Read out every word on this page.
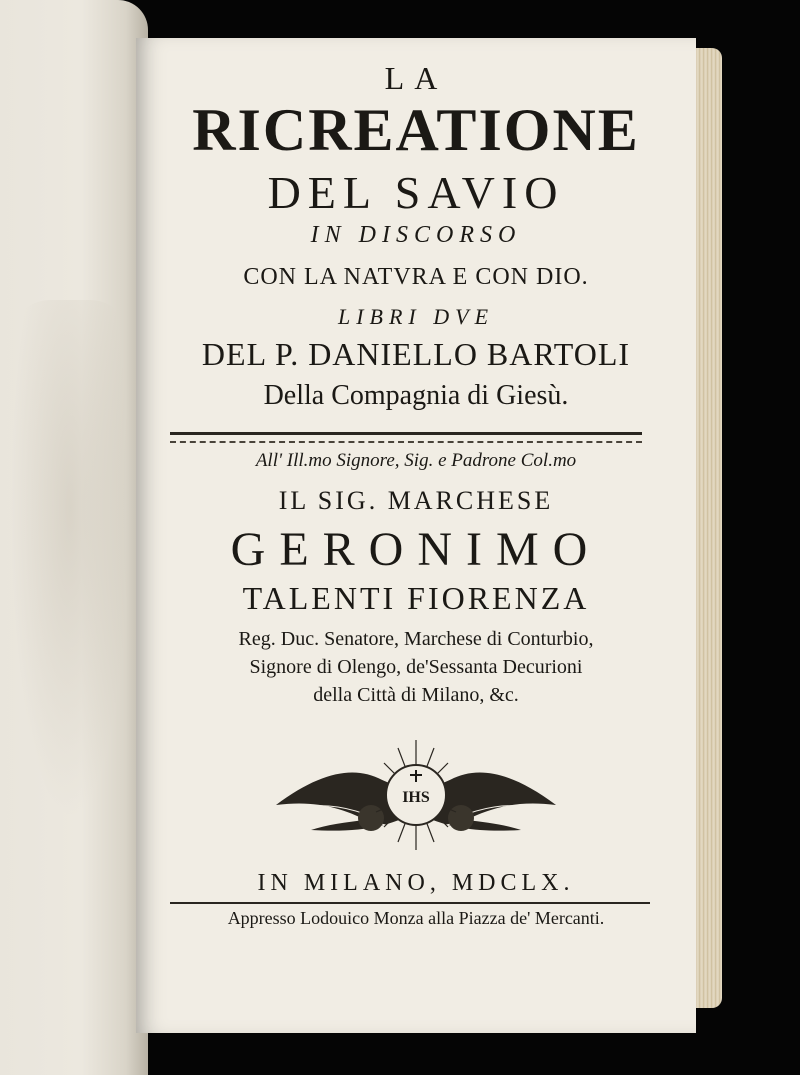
LA
RICREATIONE
DEL SAVIO
IN DISCORSO
CON LA NATVRA E CON DIO.
LIBRI DVE
DEL P. DANIELLO BARTOLI
Della Compagnia di Giesù.
All' Ill.mo Signore, Sig. e Padrone Col.mo
IL SIG. MARCHESE
GERONIMO
TALENTI FIORENZA
Reg. Duc. Senatore, Marchese di Conturbio,
Signore di Olengo, de'Sessanta Decurioni
della Città di Milano, &c.
IHS
IN MILANO, MDCLX.
Appresso Lodouico Monza alla Piazza de' Mercanti.
